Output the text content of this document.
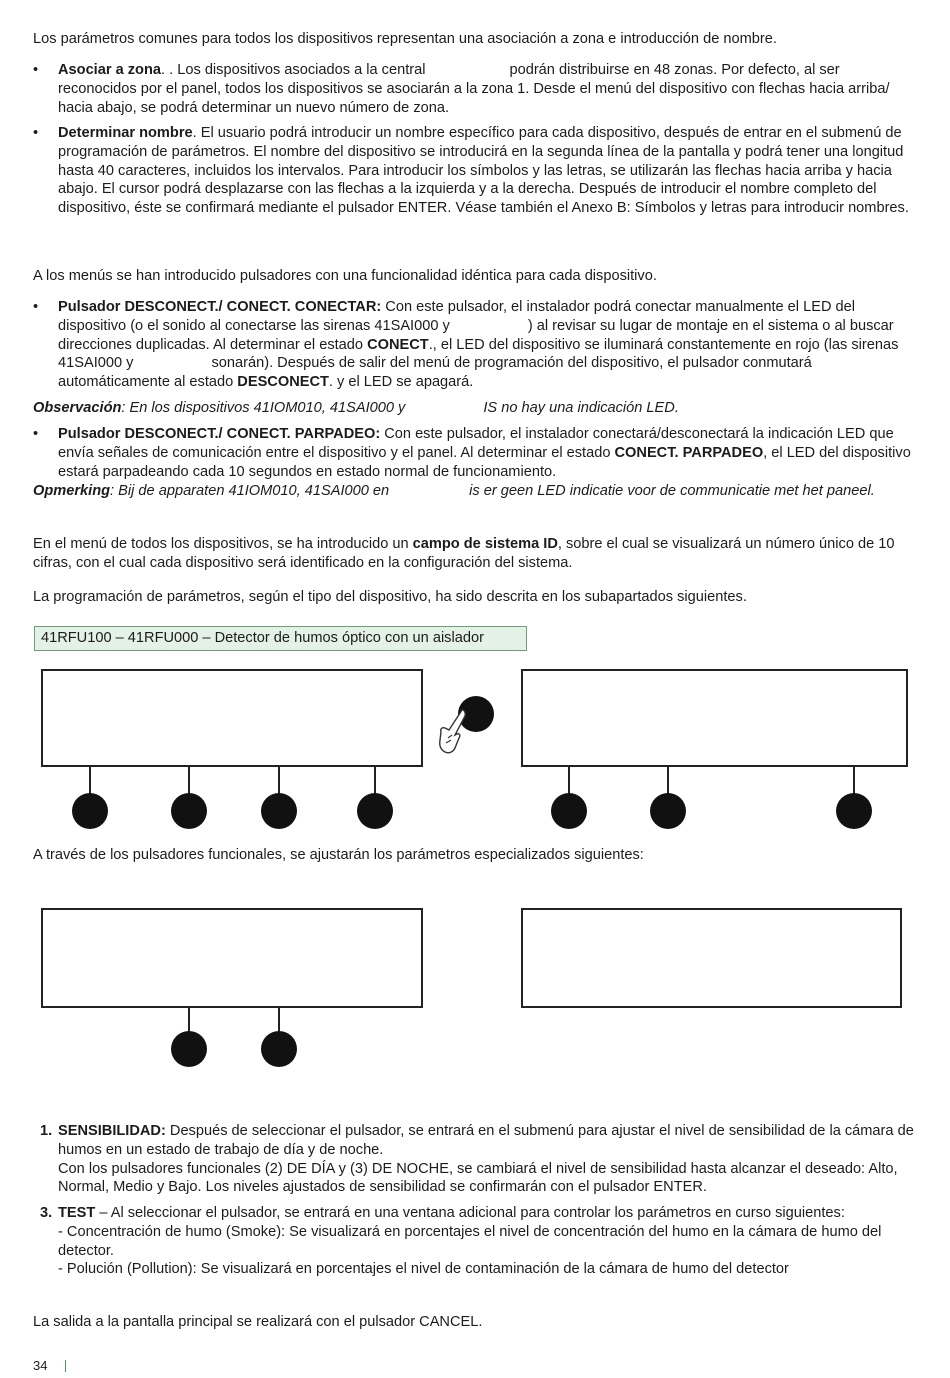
Los parámetros comunes para todos los dispositivos representan una asociación a zona e introducción de nombre.
• Asociar a zona. . Los dispositivos asociados a la central	podrán distribuirse en 48 zonas. Por defecto, al ser reconocidos por el panel, todos los dispositivos se asociarán a la zona 1. Desde el menú del dispositivo con flechas hacia arriba/ hacia abajo, se podrá determinar un nuevo número de zona.
• Determinar nombre. El usuario podrá introducir un nombre específico para cada dispositivo, después de entrar en el submenú de programación de parámetros. El nombre del dispositivo se introducirá en la segunda línea de la pantalla y podrá tener una longitud hasta 40 caracteres, incluidos los intervalos. Para introducir los símbolos y las letras, se utilizarán las flechas hacia arriba y hacia abajo. El cursor podrá desplazarse con las flechas a la izquierda y a la derecha. Después de introducir el nombre completo del dispositivo, éste se confirmará mediante el pulsador ENTER. Véase también el Anexo B: Símbolos y letras para introducir nombres.
A los menús se han introducido pulsadores con una funcionalidad idéntica para cada dispositivo.
• Pulsador DESCONECT./ CONECT. CONECTAR: Con este pulsador, el instalador podrá conectar manualmente el LED del dispositivo (o el sonido al conectarse las sirenas 41SAI000 y	) al revisar su lugar de montaje en el sistema o al buscar direcciones duplicadas. Al determinar el estado CONECT., el LED del dispositivo se iluminará constantemente en rojo (las sirenas 41SAI000 y	sonarán). Después de salir del menú de programación del dispositivo, el pulsador conmutará automáticamente al estado DESCONECT. y el LED se apagará.
Observación: En los dispositivos 41IOM010, 41SAI000 y	IS no hay una indicación LED.
• Pulsador DESCONECT./ CONECT. PARPADEO: Con este pulsador, el instalador conectará/desconectará la indicación LED que envía señales de comunicación entre el dispositivo y el panel. Al determinar el estado CONECT. PARPADEO, el LED del dispositivo estará parpadeando cada 10 segundos en estado normal de funcionamiento.
Opmerking: Bij de apparaten 41IOM010, 41SAI000 en	is er geen LED indicatie voor de communicatie met het paneel.
En el menú de todos los dispositivos, se ha introducido un campo de sistema ID, sobre el cual se visualizará un número único de 10 cifras, con el cual cada dispositivo será identificado en la configuración del sistema.
La programación de parámetros, según el tipo del dispositivo, ha sido descrita en los subapartados siguientes.
41RFU100 – 41RFU000 – Detector de humos óptico con un aislador
A través de los pulsadores funcionales, se ajustarán los parámetros especializados siguientes:
1. SENSIBILIDAD: Después de seleccionar el pulsador, se entrará en el submenú para ajustar el nivel de sensibilidad de la cámara de humos en un estado de trabajo de día y de noche.
Con los pulsadores funcionales (2) DE DÍA y (3) DE NOCHE, se cambiará el nivel de sensibilidad hasta alcanzar el deseado: Alto, Normal, Medio y Bajo. Los niveles ajustados de sensibilidad se confirmarán con el pulsador ENTER.
3. TEST – Al seleccionar el pulsador, se entrará en una ventana adicional para controlar los parámetros en curso siguientes:
- Concentración de humo (Smoke): Se visualizará en porcentajes el nivel de concentración del humo en la cámara de humo del detector.
- Polución (Pollution): Se visualizará en porcentajes el nivel de contaminación de la cámara de humo del detector
La salida a la pantalla principal se realizará con el pulsador CANCEL.
34
